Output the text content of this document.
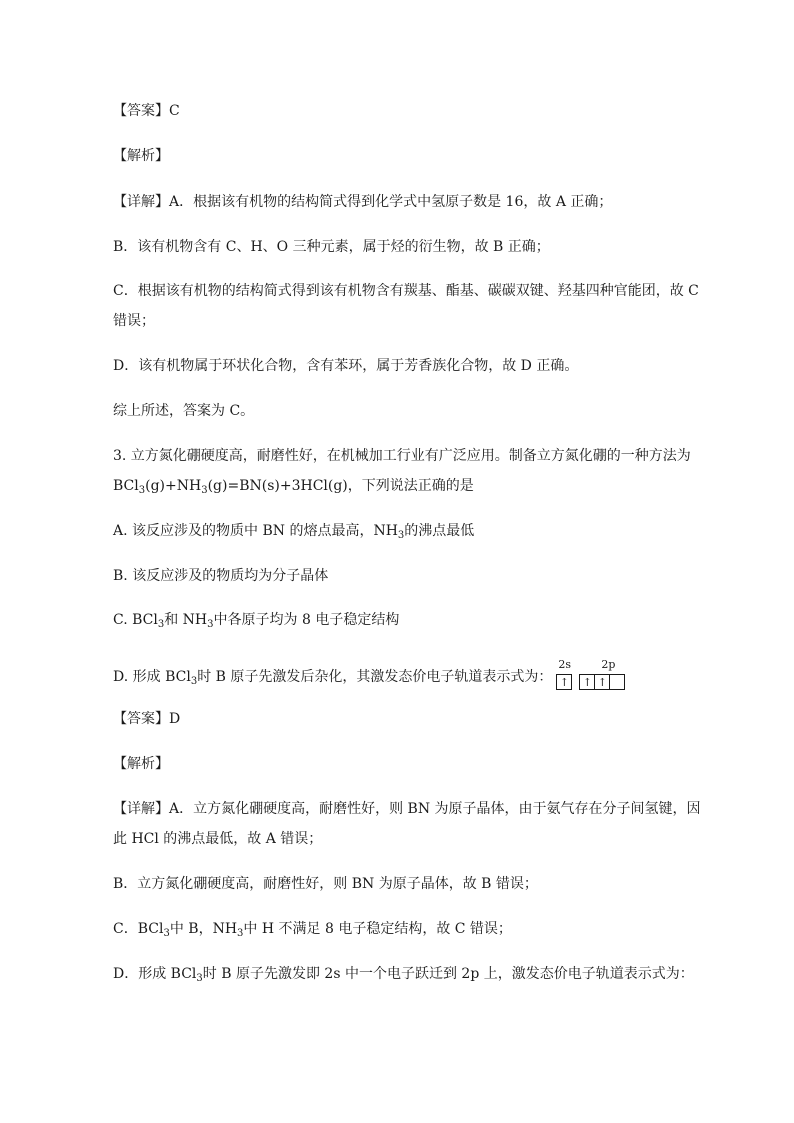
【答案】C
【解析】
【详解】A．根据该有机物的结构简式得到化学式中氢原子数是 16，故 A 正确；
B．该有机物含有 C、H、O 三种元素，属于烃的衍生物，故 B 正确；
C．根据该有机物的结构简式得到该有机物含有羰基、酯基、碳碳双键、羟基四种官能团，故 C
错误；
D．该有机物属于环状化合物，含有苯环，属于芳香族化合物，故 D 正确。
综上所述，答案为 C。
3. 立方氮化硼硬度高，耐磨性好，在机械加工行业有广泛应用。制备立方氮化硼的一种方法为
$BCl_3(g)+NH_3(g)=BN(s)+3HCl(g)$，下列说法正确的是
A. 该反应涉及的物质中 BN 的熔点最高，$NH_3$的沸点最低
B. 该反应涉及的物质均为分子晶体
C. BCl$_3$和 $NH_3$中各原子均为 8 电子稳定结构
D. 形成 BCl$_3$时 B 原子先激发后杂化，其激发态价电子轨道表示式为：
2s	2p
↑	↑ ↑
【答案】D
【解析】
【详解】A．立方氮化硼硬度高，耐磨性好，则 BN 为原子晶体，由于氨气存在分子间氢键，因
此 HCl 的沸点最低，故 A 错误；
B．立方氮化硼硬度高，耐磨性好，则 BN 为原子晶体，故 B 错误；
C．BCl$_3$中 B，$NH_3$中 H 不满足 8 电子稳定结构，故 C 错误；
D．形成 BCl$_3$时 B 原子先激发即 2s 中一个电子跃迁到 2p 上，激发态价电子轨道表示式为：
